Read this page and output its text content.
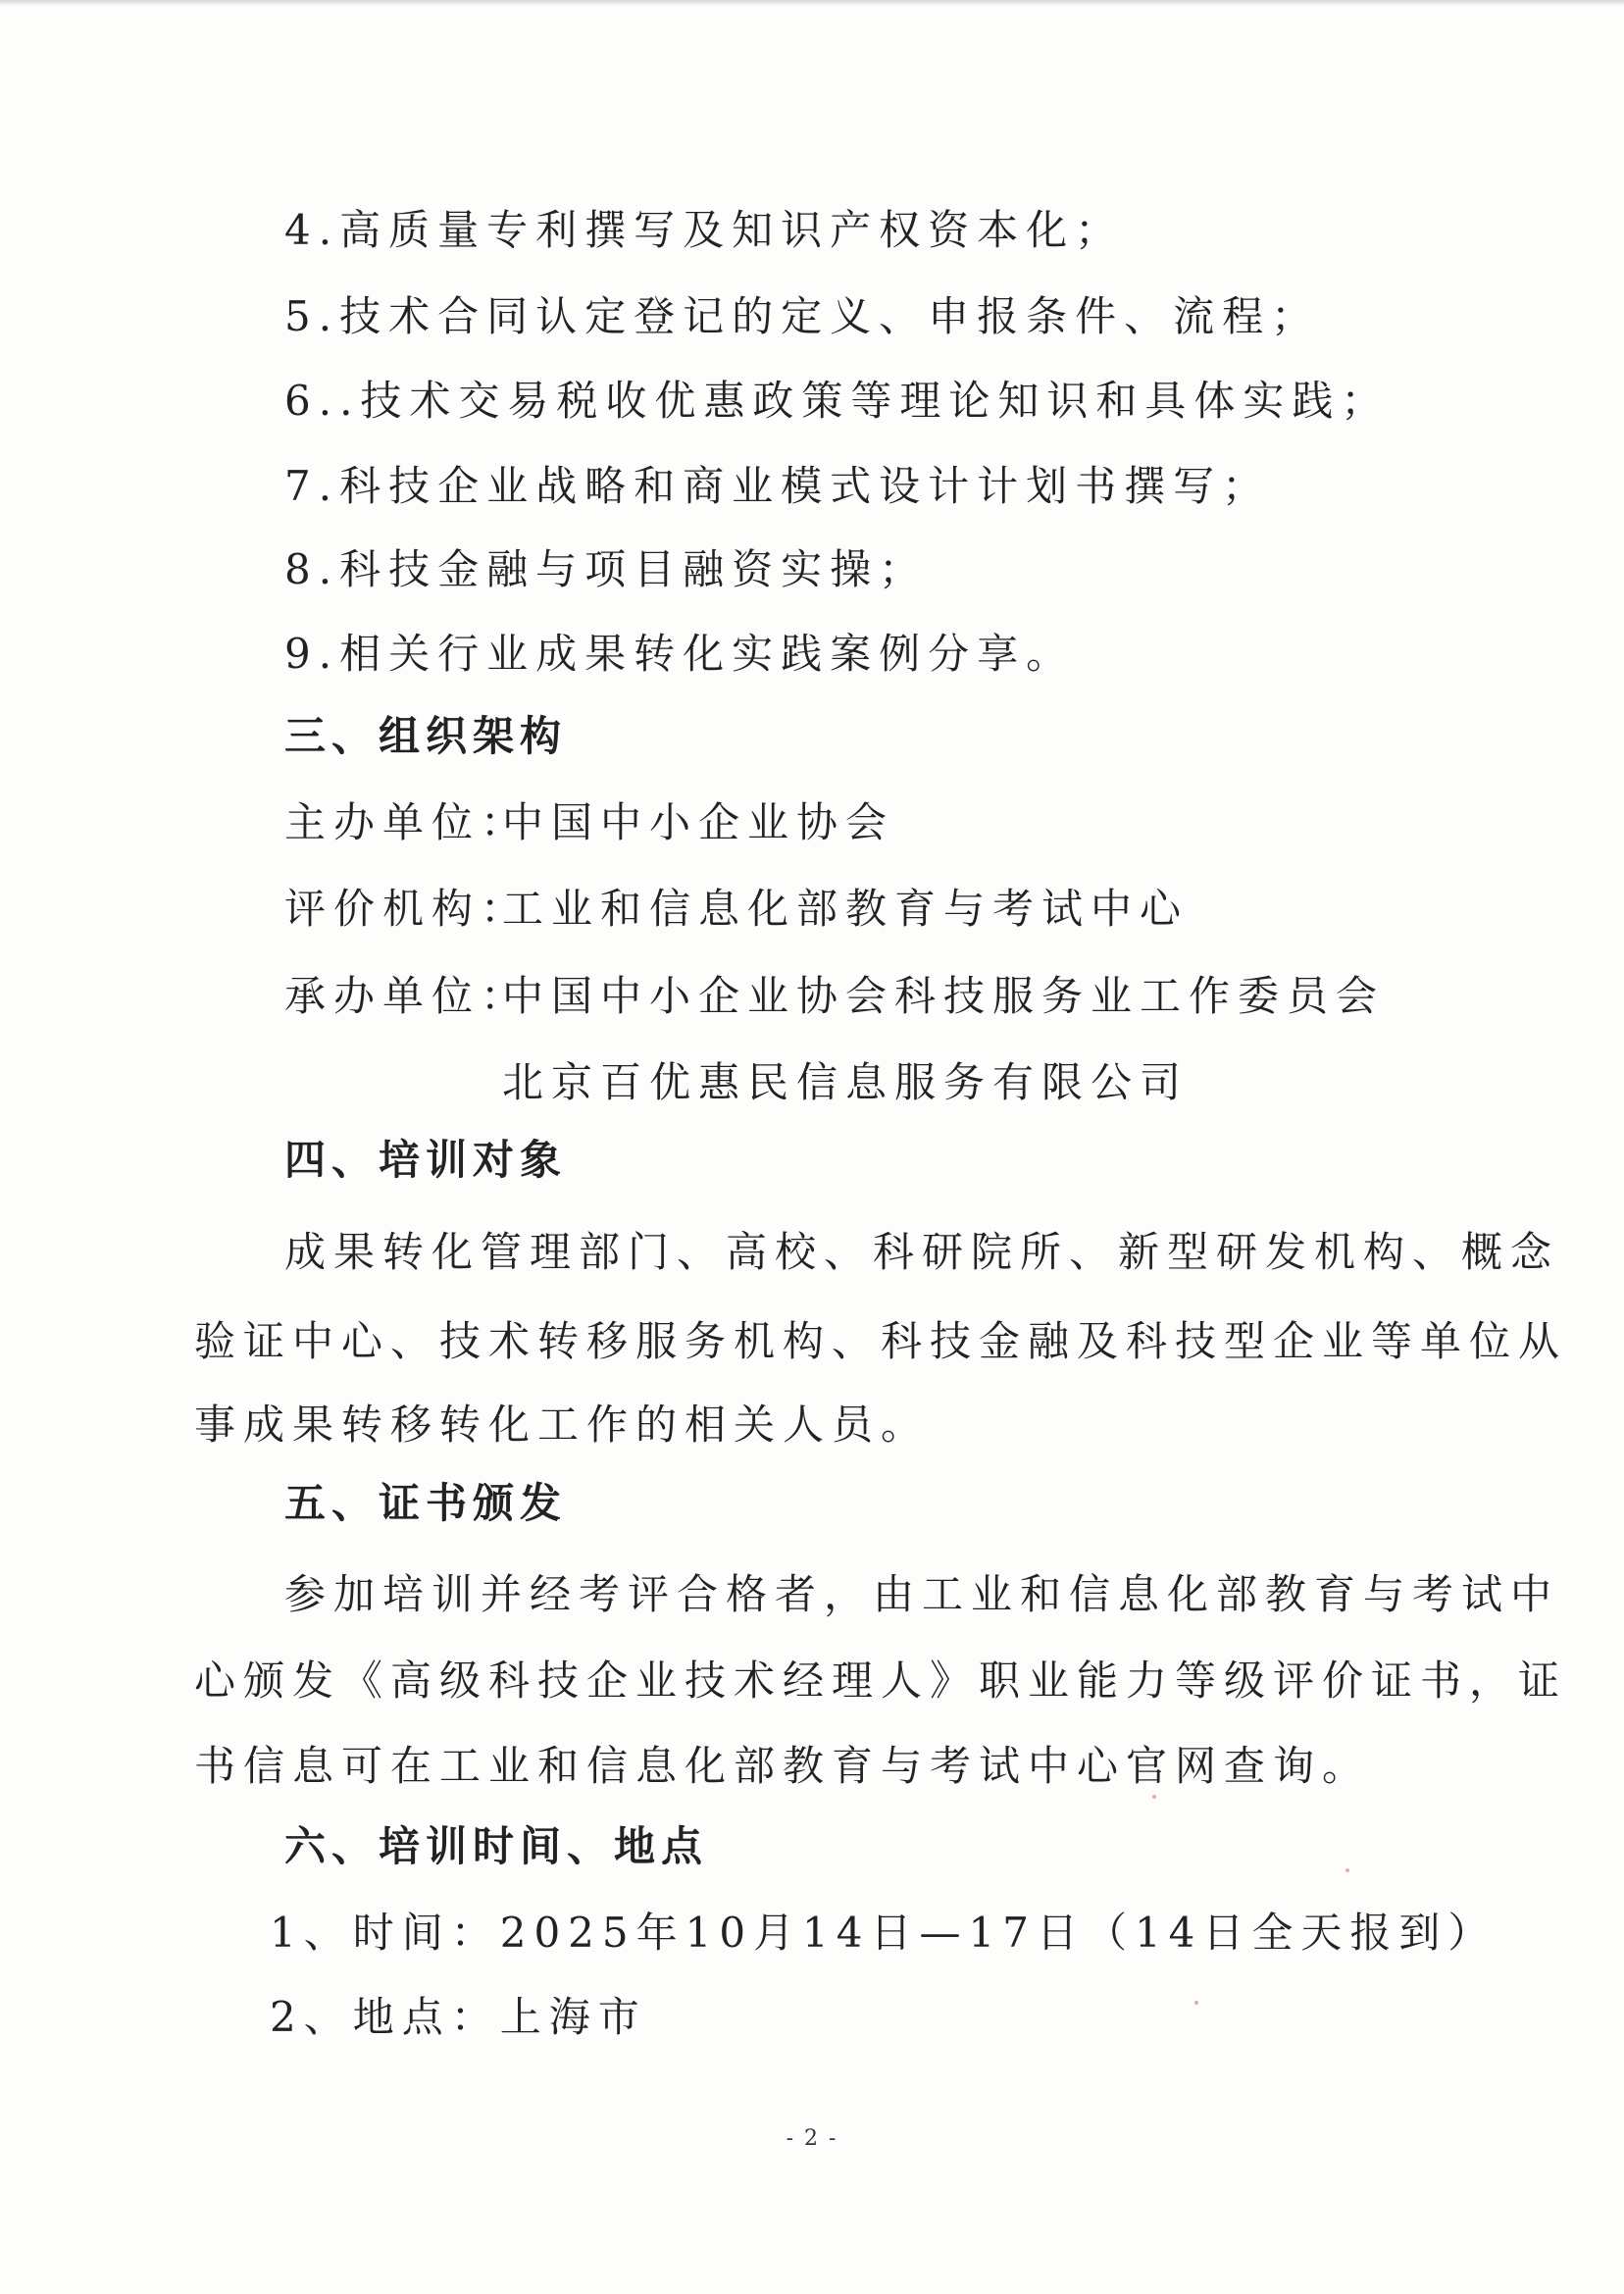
4.高质量专利撰写及知识产权资本化；
5.技术合同认定登记的定义、申报条件、流程；
6..技术交易税收优惠政策等理论知识和具体实践；
7.科技企业战略和商业模式设计计划书撰写；
8.科技金融与项目融资实操；
9.相关行业成果转化实践案例分享。
三、组织架构
主办单位：
中国中小企业协会
评价机构：
工业和信息化部教育与考试中心
承办单位：
中国中小企业协会科技服务业工作委员会
北京百优惠民信息服务有限公司
四、培训对象
成果转化管理部门、高校、科研院所、新型研发机构、概念
验证中心、技术转移服务机构、科技金融及科技型企业等单位从
事成果转移转化工作的相关人员。
五、证书颁发
参加培训并经考评合格者，由工业和信息化部教育与考试中
心颁发《高级科技企业技术经理人》职业能力等级评价证书，证
书信息可在工业和信息化部教育与考试中心官网查询。
六、培训时间、地点
1、时间：2025年10月14日—17日（14日全天报到）
2、地点：上海市
- 2 -
